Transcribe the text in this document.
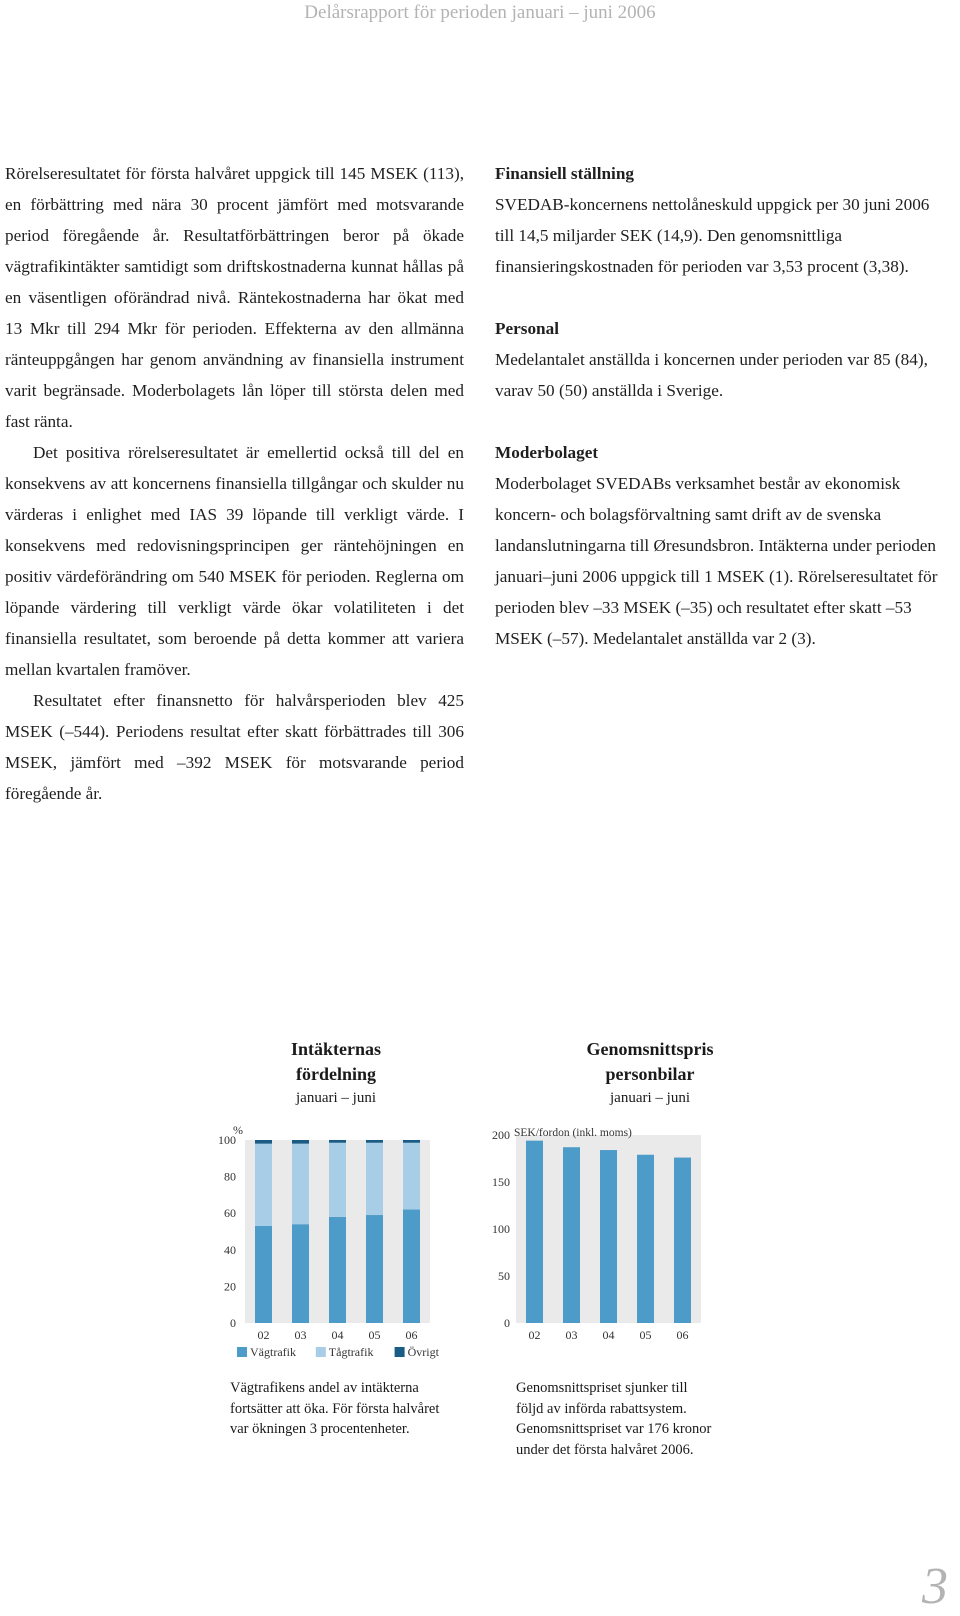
Delårsrapport för perioden januari – juni 2006

Rörelseresultatet för första halvåret uppgick till 145 MSEK (113), en förbättring med nära 30 procent jämfört med motsvarande period föregående år. Resultatförbättringen beror på ökade vägtrafikintäkter samtidigt som driftskostnaderna kunnat hållas på en väsentligen oförändrad nivå. Räntekostnaderna har ökat med 13 Mkr till 294 Mkr för perioden. Effekterna av den allmänna ränteuppgången har genom användning av finansiella instrument varit begränsade. Moderbolagets lån löper till största delen med fast ränta.

Det positiva rörelseresultatet är emellertid också till del en konsekvens av att koncernens finansiella tillgångar och skulder nu värderas i enlighet med IAS 39 löpande till verkligt värde. I konsekvens med redovisningsprincipen ger räntehöjningen en positiv värdeförändring om 540 MSEK för perioden. Reglerna om löpande värdering till verkligt värde ökar volatiliteten i det finansiella resultatet, som beroende på detta kommer att variera mellan kvartalen framöver.

Resultatet efter finansnetto för halvårsperioden blev 425 MSEK (–544). Periodens resultat efter skatt förbättrades till 306 MSEK, jämfört med –392 MSEK för motsvarande period föregående år.

Finansiell ställning

SVEDAB-koncernens nettolåneskuld uppgick per 30 juni 2006 till 14,5 miljarder SEK (14,9). Den genomsnittliga finansieringskostnaden för perioden var 3,53 procent (3,38).

Personal

Medelantalet anställda i koncernen under perioden var 85 (84), varav 50 (50) anställda i Sverige.

Moderbolaget

Moderbolaget SVEDABs verksamhet består av ekonomisk koncern- och bolagsförvaltning samt drift av de svenska landanslutningarna till Øresundsbron. Intäkterna under perioden januari–juni 2006 uppgick till 1 MSEK (1). Rörelseresultatet för perioden blev –33 MSEK (–35) och resultatet efter skatt –53 MSEK (–57). Medelantalet anställda var 2 (3).

Intäkternas
fördelning
januari – juni
Genomsnittspris
personbilar
januari – juni
%
0
20
40
60
80
100
02 03 04 05 06
Vägtrafik	Tågtrafik	Övrigt
SEK/fordon (inkl. moms)
0
50
100
150
200
02 03 04 05 06
Vägtrafikens andel av intäkterna fortsätter att öka. För första halvåret var ökningen 3 procentenheter.
Genomsnittspriset sjunker till följd av införda rabattsystem. Genomsnittspriset var 176 kronor under det första halvåret 2006.
3
